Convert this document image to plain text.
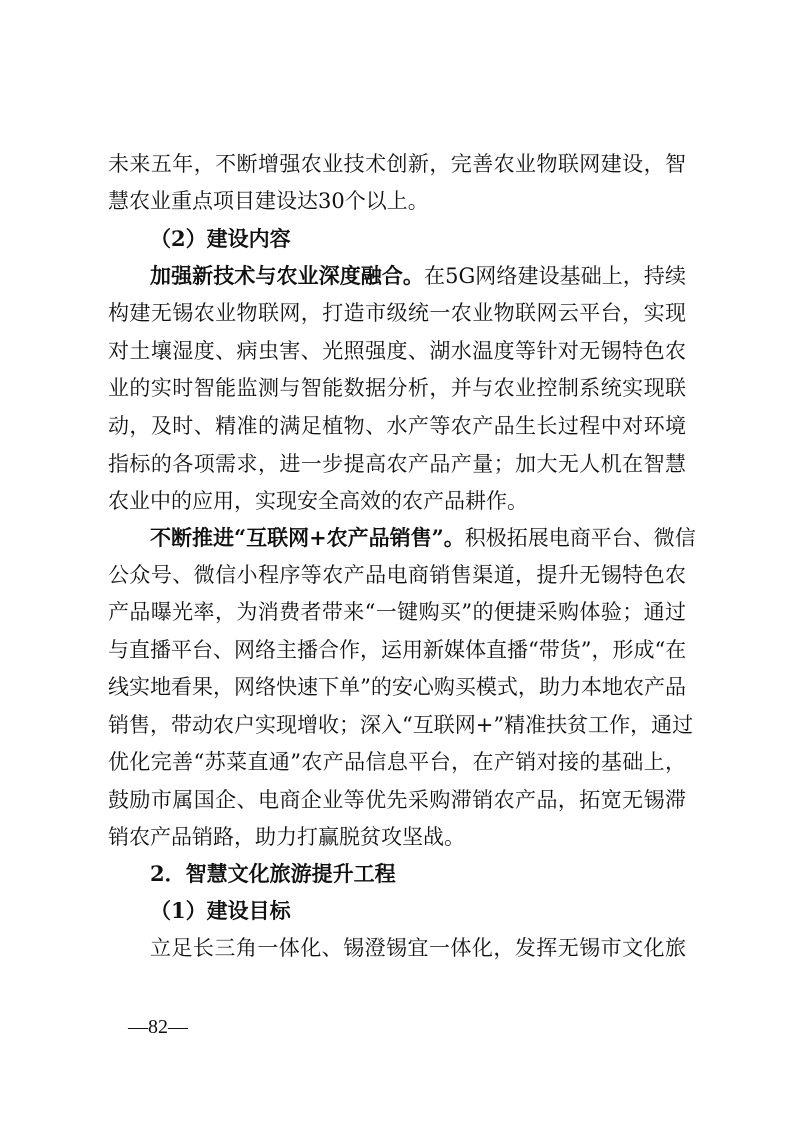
未来五年，不断增强农业技术创新，完善农业物联网建设，智
慧农业重点项目建设达30个以上。
（2）建设内容
加强新技术与农业深度融合。在5G网络建设基础上，持续
构建无锡农业物联网，打造市级统一农业物联网云平台，实现
对土壤湿度、病虫害、光照强度、湖水温度等针对无锡特色农
业的实时智能监测与智能数据分析，并与农业控制系统实现联
动，及时、精准的满足植物、水产等农产品生长过程中对环境
指标的各项需求，进一步提高农产品产量；加大无人机在智慧
农业中的应用，实现安全高效的农产品耕作。
不断推进“互联网+农产品销售”。积极拓展电商平台、微信
公众号、微信小程序等农产品电商销售渠道，提升无锡特色农
产品曝光率，为消费者带来“一键购买”的便捷采购体验；通过
与直播平台、网络主播合作，运用新媒体直播“带货”，形成“在
线实地看果，网络快速下单”的安心购买模式，助力本地农产品
销售，带动农户实现增收；深入“互联网+”精准扶贫工作，通过
优化完善“苏菜直通”农产品信息平台，在产销对接的基础上，
鼓励市属国企、电商企业等优先采购滞销农产品，拓宽无锡滞
销农产品销路，助力打赢脱贫攻坚战。
2．智慧文化旅游提升工程
（1）建设目标
立足长三角一体化、锡澄锡宜一体化，发挥无锡市文化旅
—82—
